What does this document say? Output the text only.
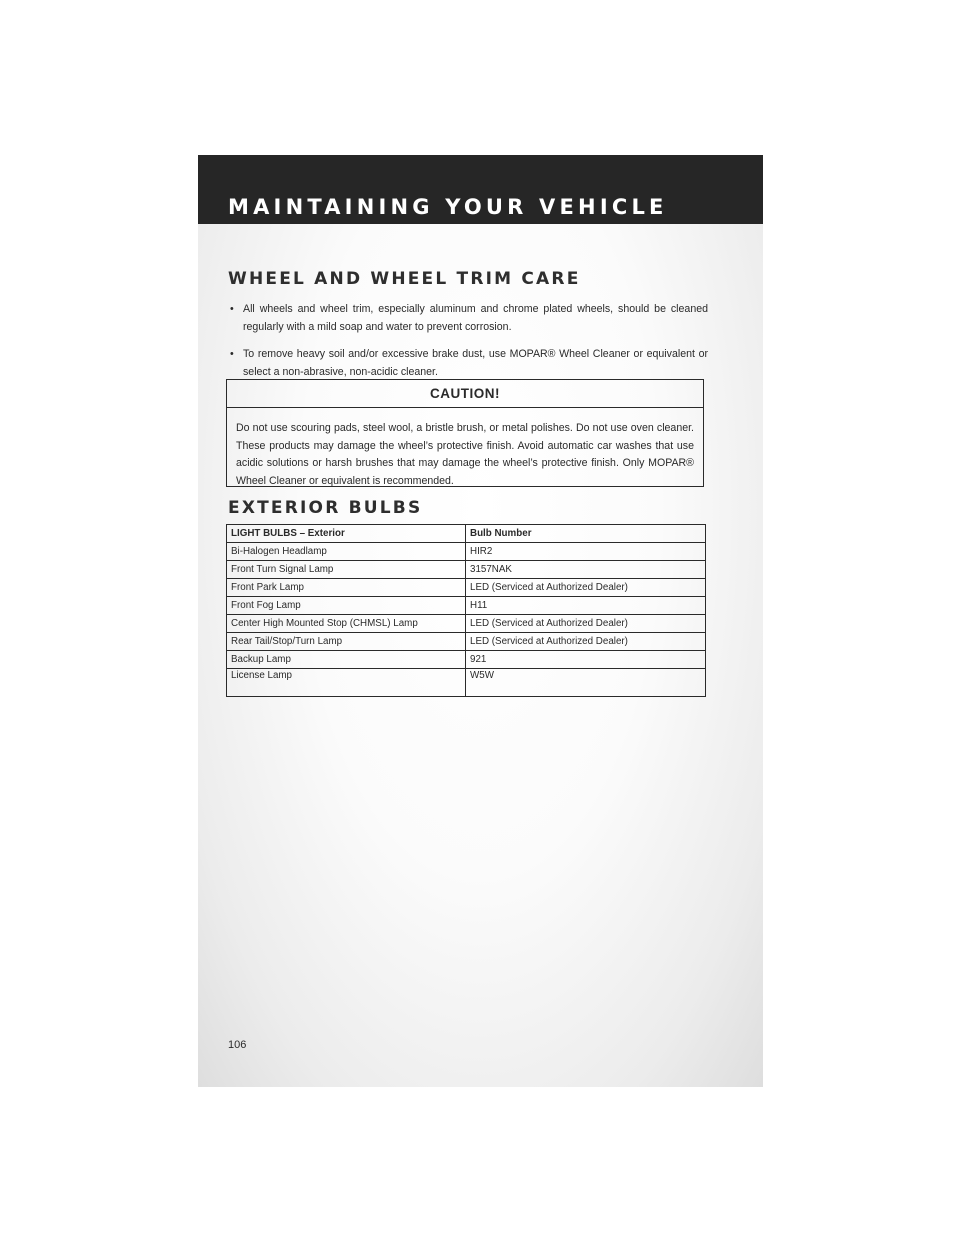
MAINTAINING YOUR VEHICLE
WHEEL AND WHEEL TRIM CARE
• All wheels and wheel trim, especially aluminum and chrome plated wheels, should be cleaned regularly with a mild soap and water to prevent corrosion.
• To remove heavy soil and/or excessive brake dust, use MOPAR® Wheel Cleaner or equivalent or select a non-abrasive, non-acidic cleaner.
CAUTION!
Do not use scouring pads, steel wool, a bristle brush, or metal polishes. Do not use oven cleaner. These products may damage the wheel’s protective finish. Avoid automatic car washes that use acidic solutions or harsh brushes that may damage the wheel’s protective finish. Only MOPAR® Wheel Cleaner or equivalent is recommended.
EXTERIOR BULBS
LIGHT BULBS – Exterior	Bulb Number
Bi-Halogen Headlamp	HIR2
Front Turn Signal Lamp	3157NAK
Front Park Lamp	LED (Serviced at Authorized Dealer)
Front Fog Lamp	H11
Center High Mounted Stop (CHMSL) Lamp	LED (Serviced at Authorized Dealer)
Rear Tail/Stop/Turn Lamp	LED (Serviced at Authorized Dealer)
Backup Lamp	921
License Lamp	W5W
106
